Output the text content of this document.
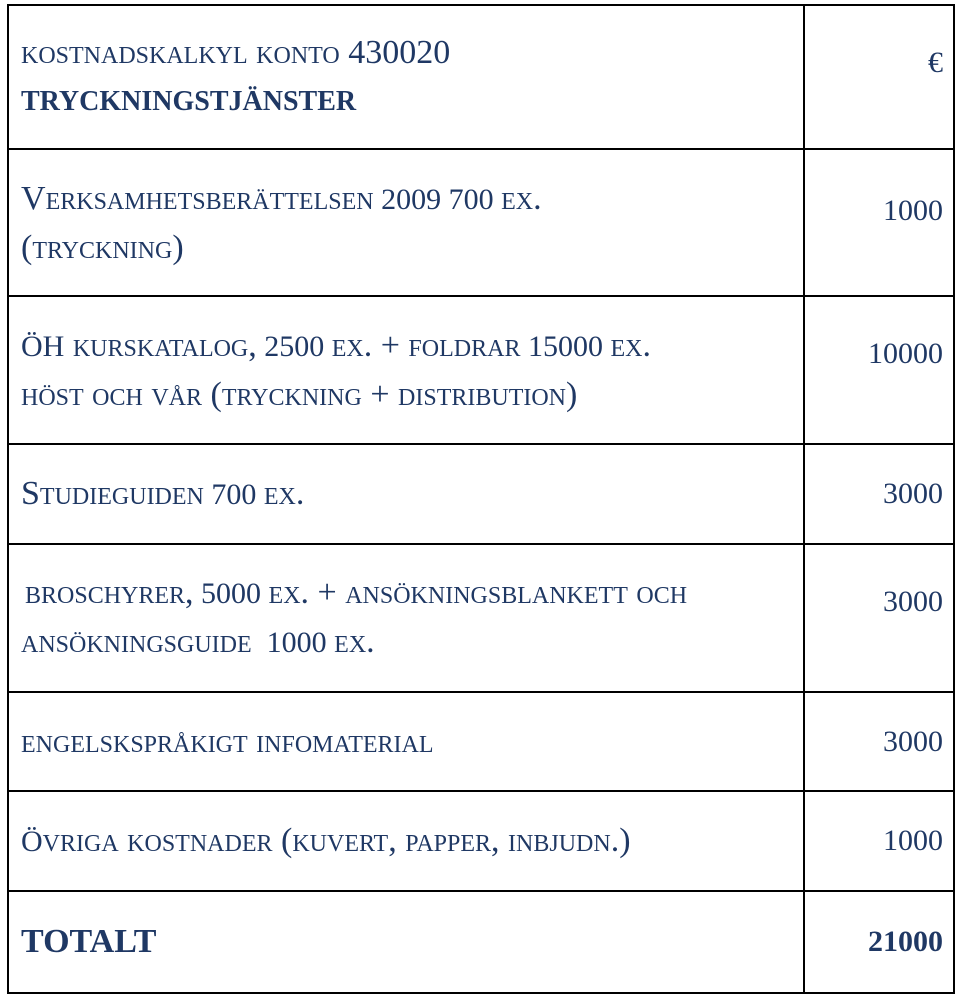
kostnadskalkyl konto 430020
TRYCKNINGSTJÄNSTER	€

Verksamhetsberättelsen 2009 700 ex.
(tryckning)	1000

ÖH kurskatalog, 2500 ex. + foldrar 15000 ex.
höst och vår (tryckning + distribution)	10000

Studieguiden 700 ex.	3000

broschyrer, 5000 ex. + ansökningsblankett och
ansökningsguide  1000 ex.	3000

engelskspråkigt infomaterial	3000

Övriga kostnader (kuvert, papper, inbjudn.)	1000
TOTALT	21000
